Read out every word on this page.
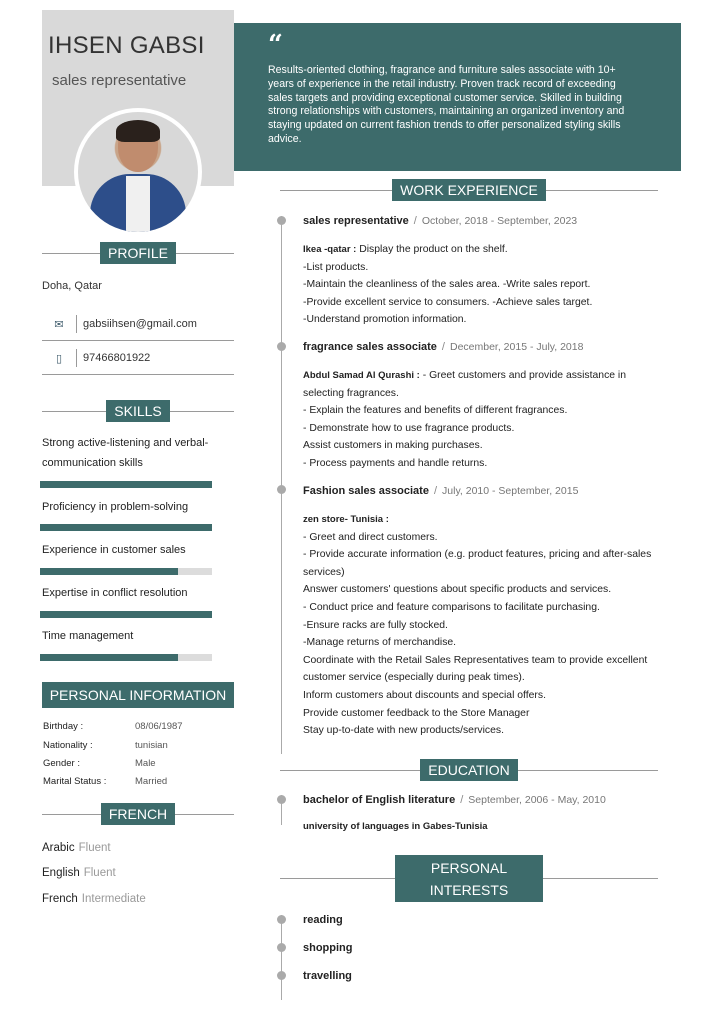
IHSEN GABSI
sales representative
PROFILE
Doha, Qatar
✉	gabsiihsen@gmail.com
▯	97466801922
SKILLS
Strong active-listening and verbal-communication skills
Proficiency in problem-solving
Experience in customer sales
Expertise in conflict resolution
Time management
PERSONAL INFORMATION
Birthday :	08/06/1987
Nationality :	tunisian
Gender :	Male
Marital Status :	Married
FRENCH
Arabic Fluent
English Fluent
French Intermediate
“
Results-oriented clothing, fragrance and furniture sales associate with 10+ years of experience in the retail industry. Proven track record of exceeding sales targets and providing exceptional customer service. Skilled in building strong relationships with customers, maintaining an organized inventory and staying updated on current fashion trends to offer personalized styling skills advice.
WORK EXPERIENCE
sales representative / October, 2018 - September, 2023
Ikea -qatar : Display the product on the shelf.
-List products.
-Maintain the cleanliness of the sales area. -Write sales report.
-Provide excellent service to consumers. -Achieve sales target.
-Understand promotion information.
fragrance sales associate / December, 2015 - July, 2018
Abdul Samad Al Qurashi : - Greet customers and provide assistance in selecting fragrances.
- Explain the features and benefits of different fragrances.
- Demonstrate how to use fragrance products.
Assist customers in making purchases.
- Process payments and handle returns.
Fashion sales associate / July, 2010 - September, 2015
zen store- Tunisia :
- Greet and direct customers.
- Provide accurate information (e.g. product features, pricing and after-sales services)
Answer customers' questions about specific products and services.
- Conduct price and feature comparisons to facilitate purchasing.
-Ensure racks are fully stocked.
-Manage returns of merchandise.
Coordinate with the Retail Sales Representatives team to provide excellent customer service (especially during peak times).
Inform customers about discounts and special offers.
Provide customer feedback to the Store Manager
Stay up-to-date with new products/services.
EDUCATION
bachelor of English literature / September, 2006 - May, 2010
university of languages in Gabes-Tunisia
PERSONAL
INTERESTS
reading
shopping
travelling
